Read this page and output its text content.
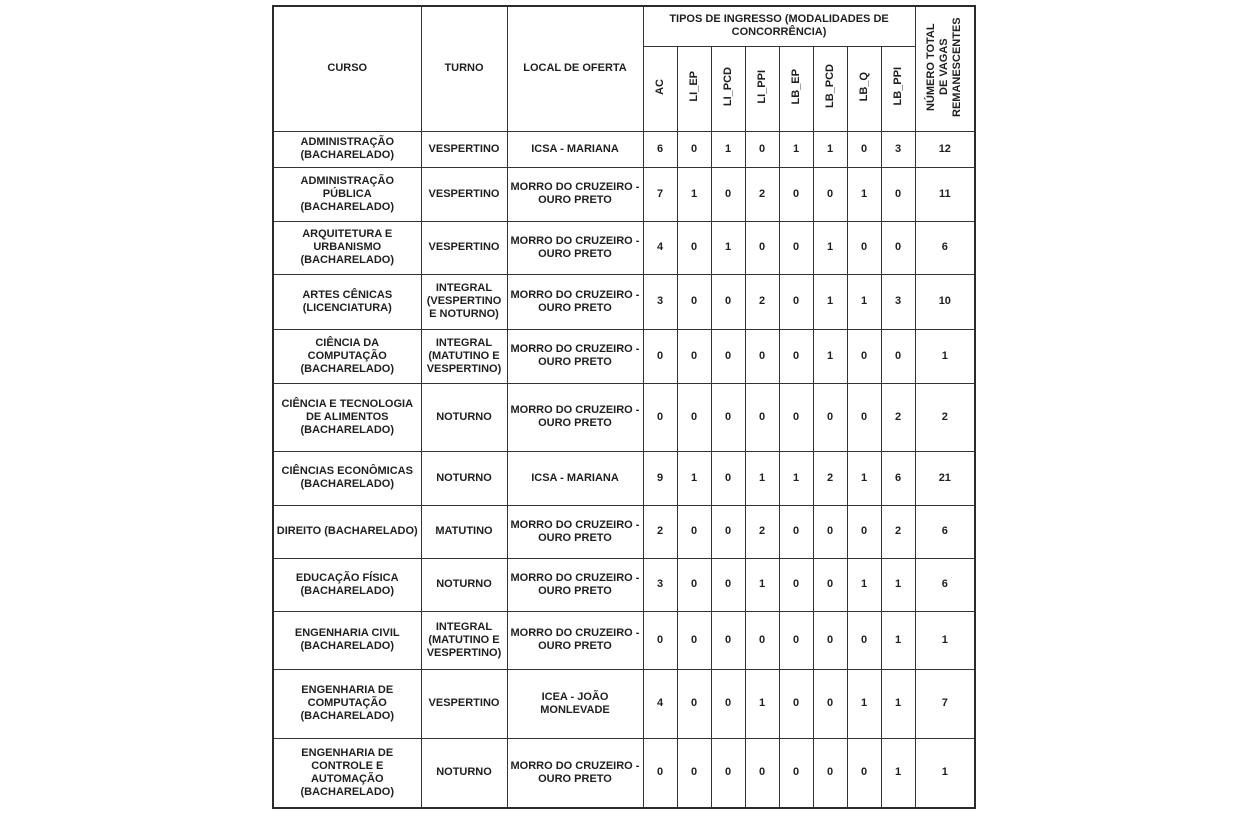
CURSO	TURNO	LOCAL DE OFERTA	TIPOS DE INGRESSO (MODALIDADES DE CONCORRÊNCIA)								NÚMERO TOTAL DE VAGAS REMANESCENTES
			AC	LI_EP	LI_PCD	LI_PPI	LB_EP	LB_PCD	LB_Q	LB_PPI	
ADMINISTRAÇÃO (BACHARELADO)	VESPERTINO	ICSA - MARIANA	6	0	1	0	1	1	0	3	12
ADMINISTRAÇÃO PÚBLICA (BACHARELADO)	VESPERTINO	MORRO DO CRUZEIRO - OURO PRETO	7	1	0	2	0	0	1	0	11
ARQUITETURA E URBANISMO (BACHARELADO)	VESPERTINO	MORRO DO CRUZEIRO - OURO PRETO	4	0	1	0	0	1	0	0	6
ARTES CÊNICAS (LICENCIATURA)	INTEGRAL (VESPERTINO E NOTURNO)	MORRO DO CRUZEIRO - OURO PRETO	3	0	0	2	0	1	1	3	10
CIÊNCIA DA COMPUTAÇÃO (BACHARELADO)	INTEGRAL (MATUTINO E VESPERTINO)	MORRO DO CRUZEIRO - OURO PRETO	0	0	0	0	0	1	0	0	1
CIÊNCIA E TECNOLOGIA DE ALIMENTOS (BACHARELADO)	NOTURNO	MORRO DO CRUZEIRO - OURO PRETO	0	0	0	0	0	0	0	2	2
CIÊNCIAS ECONÔMICAS (BACHARELADO)	NOTURNO	ICSA - MARIANA	9	1	0	1	1	2	1	6	21
DIREITO (BACHARELADO)	MATUTINO	MORRO DO CRUZEIRO - OURO PRETO	2	0	0	2	0	0	0	2	6
EDUCAÇÃO FÍSICA (BACHARELADO)	NOTURNO	MORRO DO CRUZEIRO - OURO PRETO	3	0	0	1	0	0	1	1	6
ENGENHARIA CIVIL (BACHARELADO)	INTEGRAL (MATUTINO E VESPERTINO)	MORRO DO CRUZEIRO - OURO PRETO	0	0	0	0	0	0	0	1	1
ENGENHARIA DE COMPUTAÇÃO (BACHARELADO)	VESPERTINO	ICEA - JOÃO MONLEVADE	4	0	0	1	0	0	1	1	7
ENGENHARIA DE CONTROLE E AUTOMAÇÃO (BACHARELADO)	NOTURNO	MORRO DO CRUZEIRO - OURO PRETO	0	0	0	0	0	0	0	1	1
